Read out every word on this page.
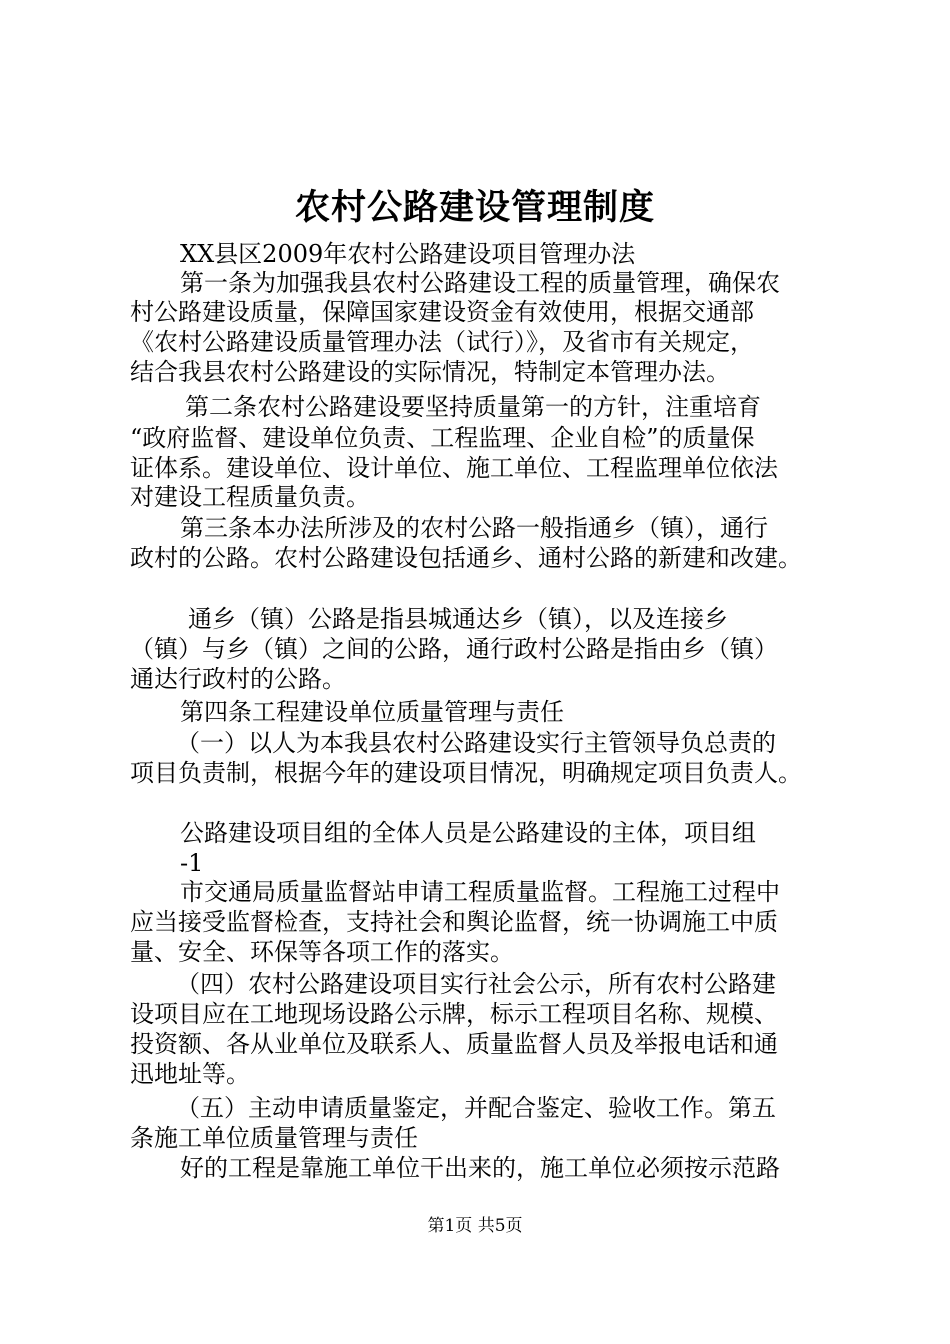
农村公路建设管理制度
XX县区2009年农村公路建设项目管理办法
第一条为加强我县农村公路建设工程的质量管理，确保农
村公路建设质量，保障国家建设资金有效使用，根据交通部
《农村公路建设质量管理办法（试行）》，及省市有关规定，
结合我县农村公路建设的实际情况，特制定本管理办法。
第二条农村公路建设要坚持质量第一的方针，注重培育
“政府监督、建设单位负责、工程监理、企业自检”的质量保
证体系。建设单位、设计单位、施工单位、工程监理单位依法
对建设工程质量负责。
第三条本办法所涉及的农村公路一般指通乡（镇），通行
政村的公路。农村公路建设包括通乡、通村公路的新建和改建。
通乡（镇）公路是指县城通达乡（镇），以及连接乡
（镇）与乡（镇）之间的公路，通行政村公路是指由乡（镇）
通达行政村的公路。
第四条工程建设单位质量管理与责任
（一）以人为本我县农村公路建设实行主管领导负总责的
项目负责制，根据今年的建设项目情况，明确规定项目负责人。
公路建设项目组的全体人员是公路建设的主体，项目组
-1
市交通局质量监督站申请工程质量监督。工程施工过程中
应当接受监督检查，支持社会和舆论监督，统一协调施工中质
量、安全、环保等各项工作的落实。
（四）农村公路建设项目实行社会公示，所有农村公路建
设项目应在工地现场设路公示牌，标示工程项目名称、规模、
投资额、各从业单位及联系人、质量监督人员及举报电话和通
迅地址等。
（五）主动申请质量鉴定，并配合鉴定、验收工作。第五
条施工单位质量管理与责任
好的工程是靠施工单位干出来的，施工单位必须按示范路
第1页 共5页
